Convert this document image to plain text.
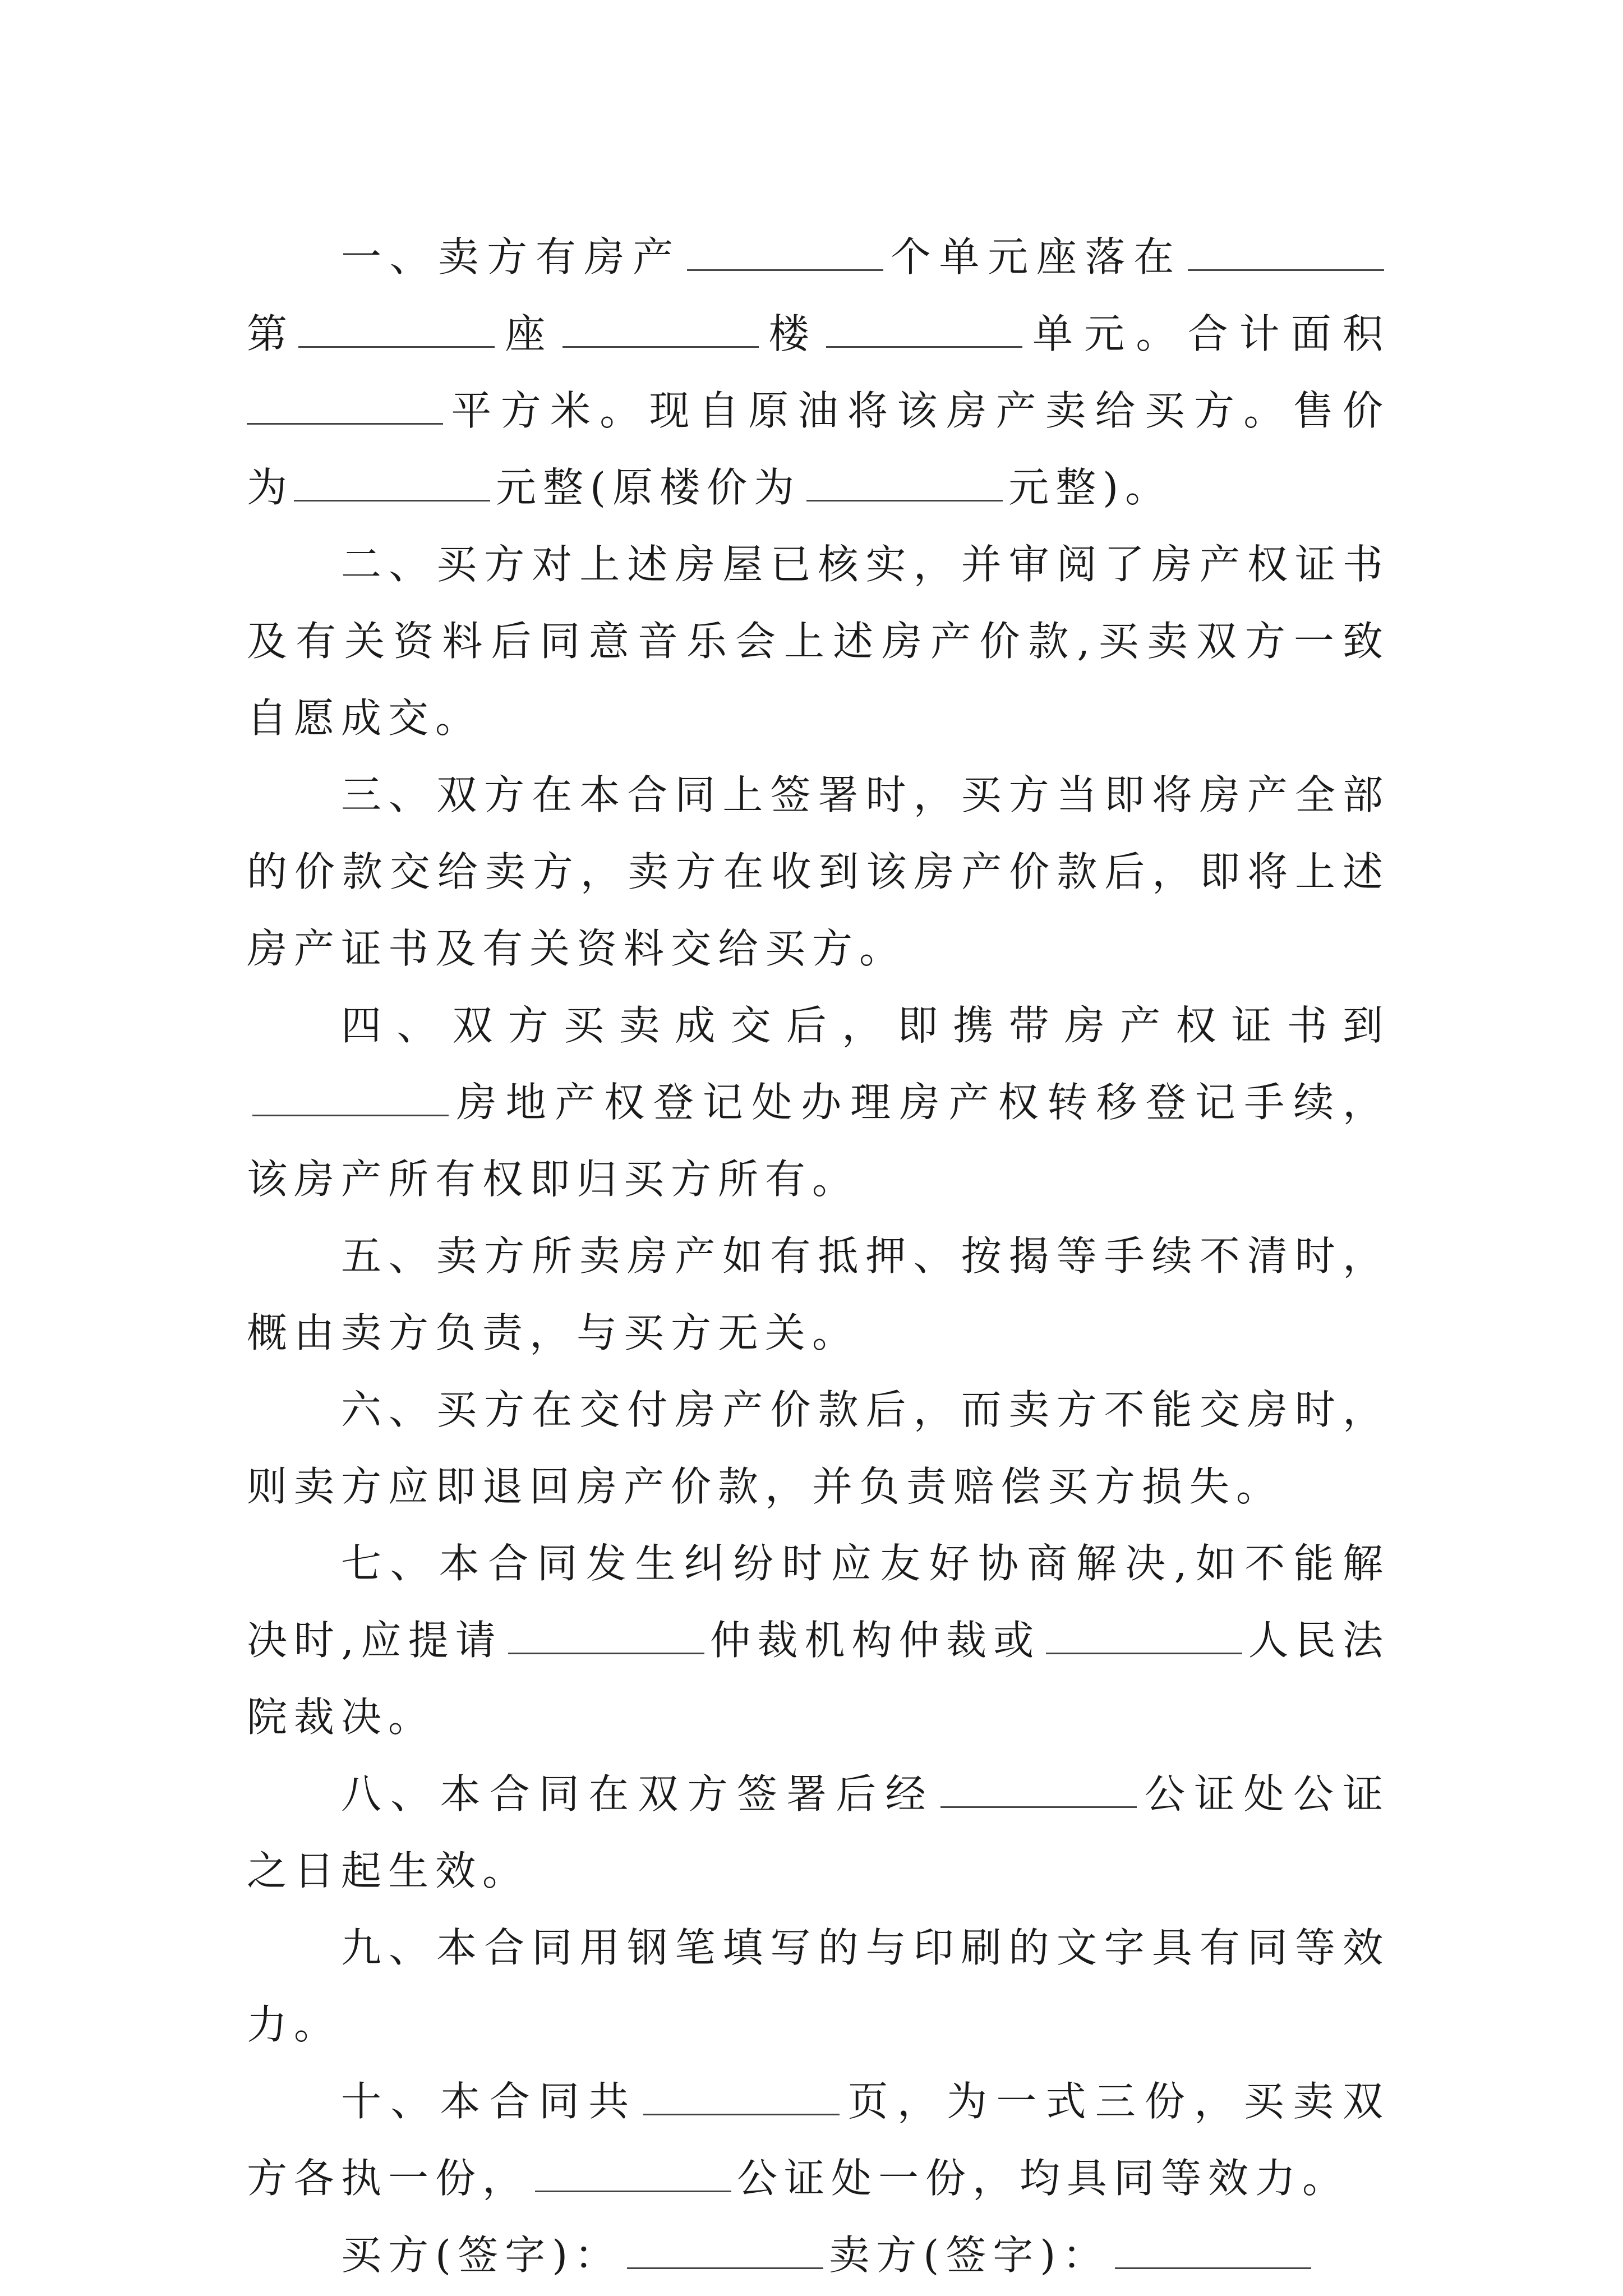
一、卖方有房产	个单元座落在第	座	楼	单元。合计面积平方米。现自原油将该房产卖给买方。售价为	元整(原楼价为	元整)。

二、买方对上述房屋已核实，并审阅了房产权证书及有关资料后同意音乐会上述房产价款,买卖双方一致自愿成交。

三、双方在本合同上签署时，买方当即将房产全部的价款交给卖方，卖方在收到该房产价款后，即将上述房产证书及有关资料交给买方。

四、双方买卖成交后，即携带房产权证书到房地产权登记处办理房产权转移登记手续，该房产所有权即归买方所有。

五、卖方所卖房产如有抵押、按揭等手续不清时，概由卖方负责，与买方无关。

六、买方在交付房产价款后，而卖方不能交房时，则卖方应即退回房产价款，并负责赔偿买方损失。

七、本合同发生纠纷时应友好协商解决,如不能解决时,应提请	仲裁机构仲裁或	人民法院裁决。

八、本合同在双方签署后经	公证处公证之日起生效。

九、本合同用钢笔填写的与印刷的文字具有同等效力。

十、本合同共	页，为一式三份，买卖双方各执一份，	公证处一份，均具同等效力。

买方(签字)：	卖方(签字)：
